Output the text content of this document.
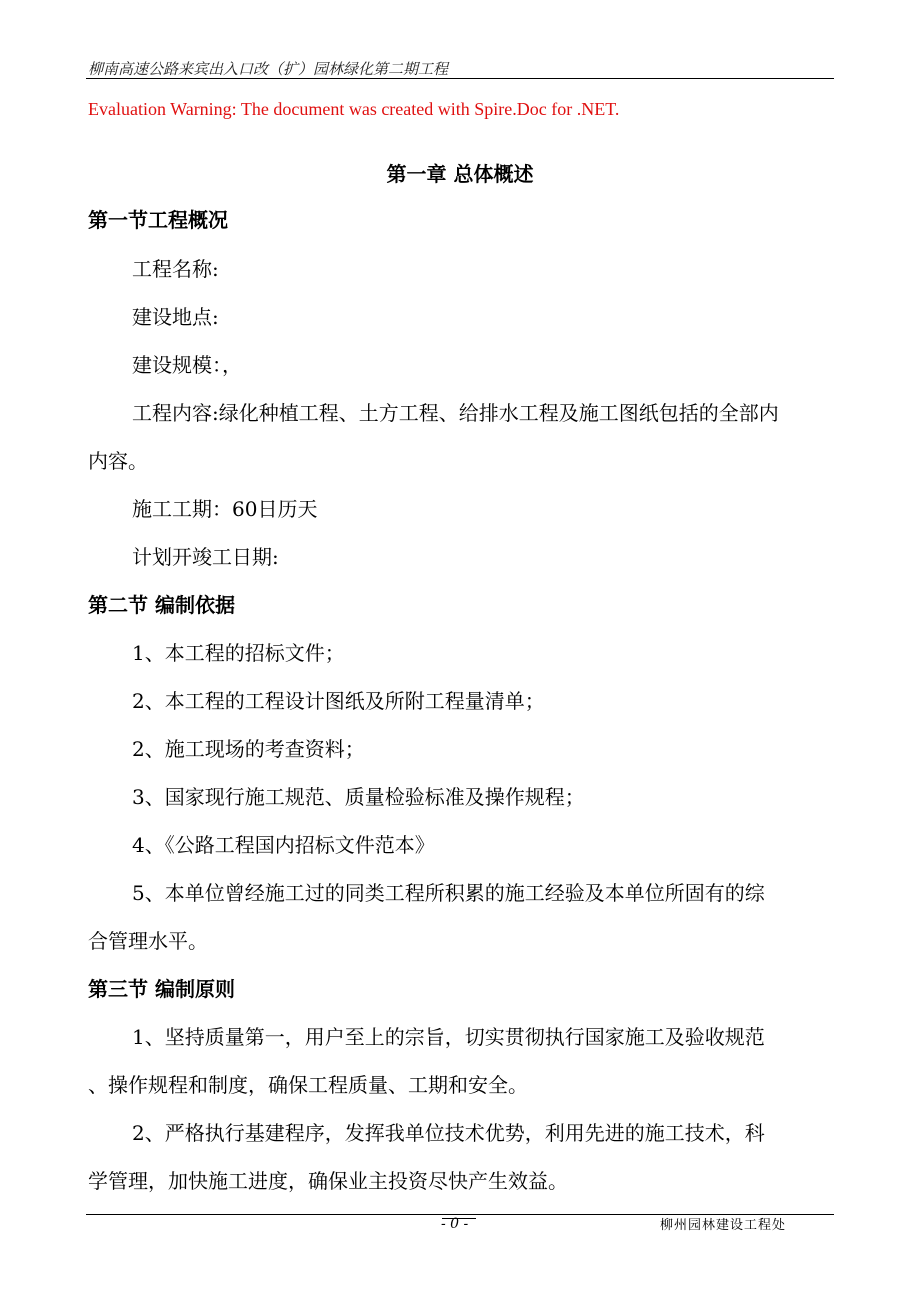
柳南高速公路来宾出入口改（扩）园林绿化第二期工程
Evaluation Warning: The document was created with Spire.Doc for .NET.
第一章 总体概述
第一节工程概况
工程名称:
建设地点:
建设规模：，
工程内容:绿化种植工程、土方工程、给排水工程及施工图纸包括的全部内
内容。
施工工期：60日历天
计划开竣工日期:
第二节 编制依据
1、本工程的招标文件；
2、本工程的工程设计图纸及所附工程量清单；
2、施工现场的考查资料；
3、国家现行施工规范、质量检验标准及操作规程；
4、《公路工程国内招标文件范本》
5、本单位曾经施工过的同类工程所积累的施工经验及本单位所固有的综
合管理水平。
第三节 编制原则
1、坚持质量第一，用户至上的宗旨，切实贯彻执行国家施工及验收规范
、操作规程和制度，确保工程质量、工期和安全。
2、严格执行基建程序，发挥我单位技术优势，利用先进的施工技术，科
学管理，加快施工进度，确保业主投资尽快产生效益。
- 0 -	柳州园林建设工程处
